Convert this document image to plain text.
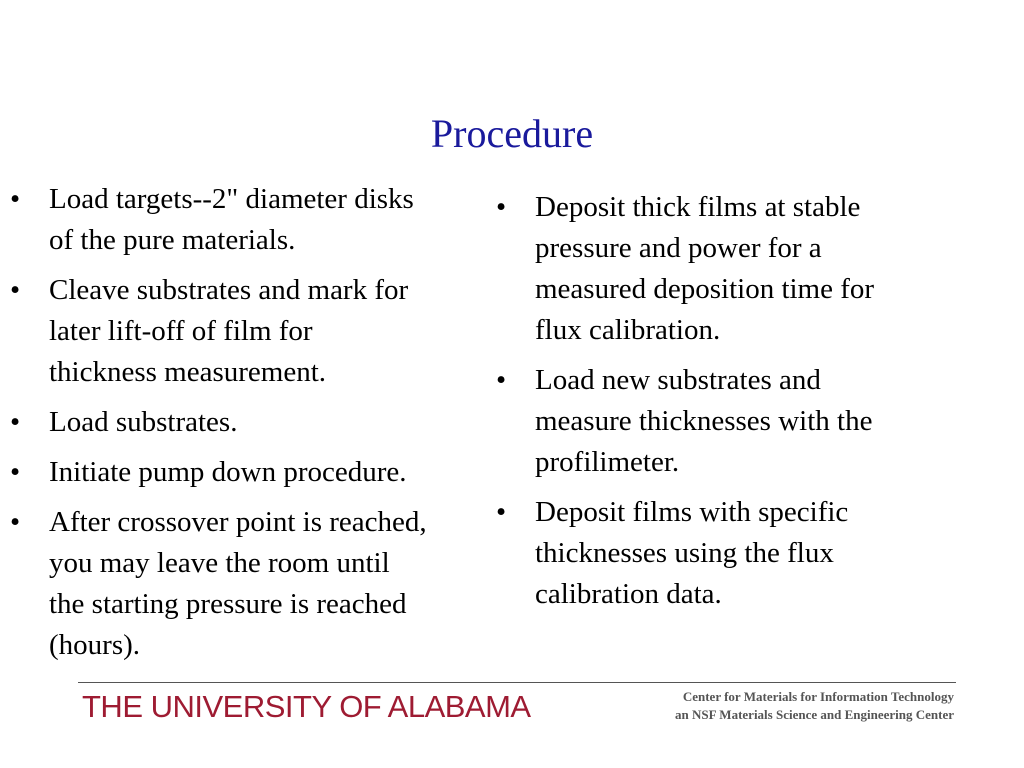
Procedure
• Load targets--2" diameter disks
of the pure materials.
• Cleave substrates and mark for
later lift-off of film for
thickness measurement.
• Load substrates.
• Initiate pump down procedure.
• After crossover point is reached,
you may leave the room until
the starting pressure is reached
(hours).
• Deposit thick films at stable
pressure and power for a
measured deposition time for
flux calibration.
• Load new substrates and
measure thicknesses with the
profilimeter.
• Deposit films with specific
thicknesses using the flux
calibration data.
THE UNIVERSITY OF ALABAMA	Center for Materials for Information Technology
an NSF Materials Science and Engineering Center
